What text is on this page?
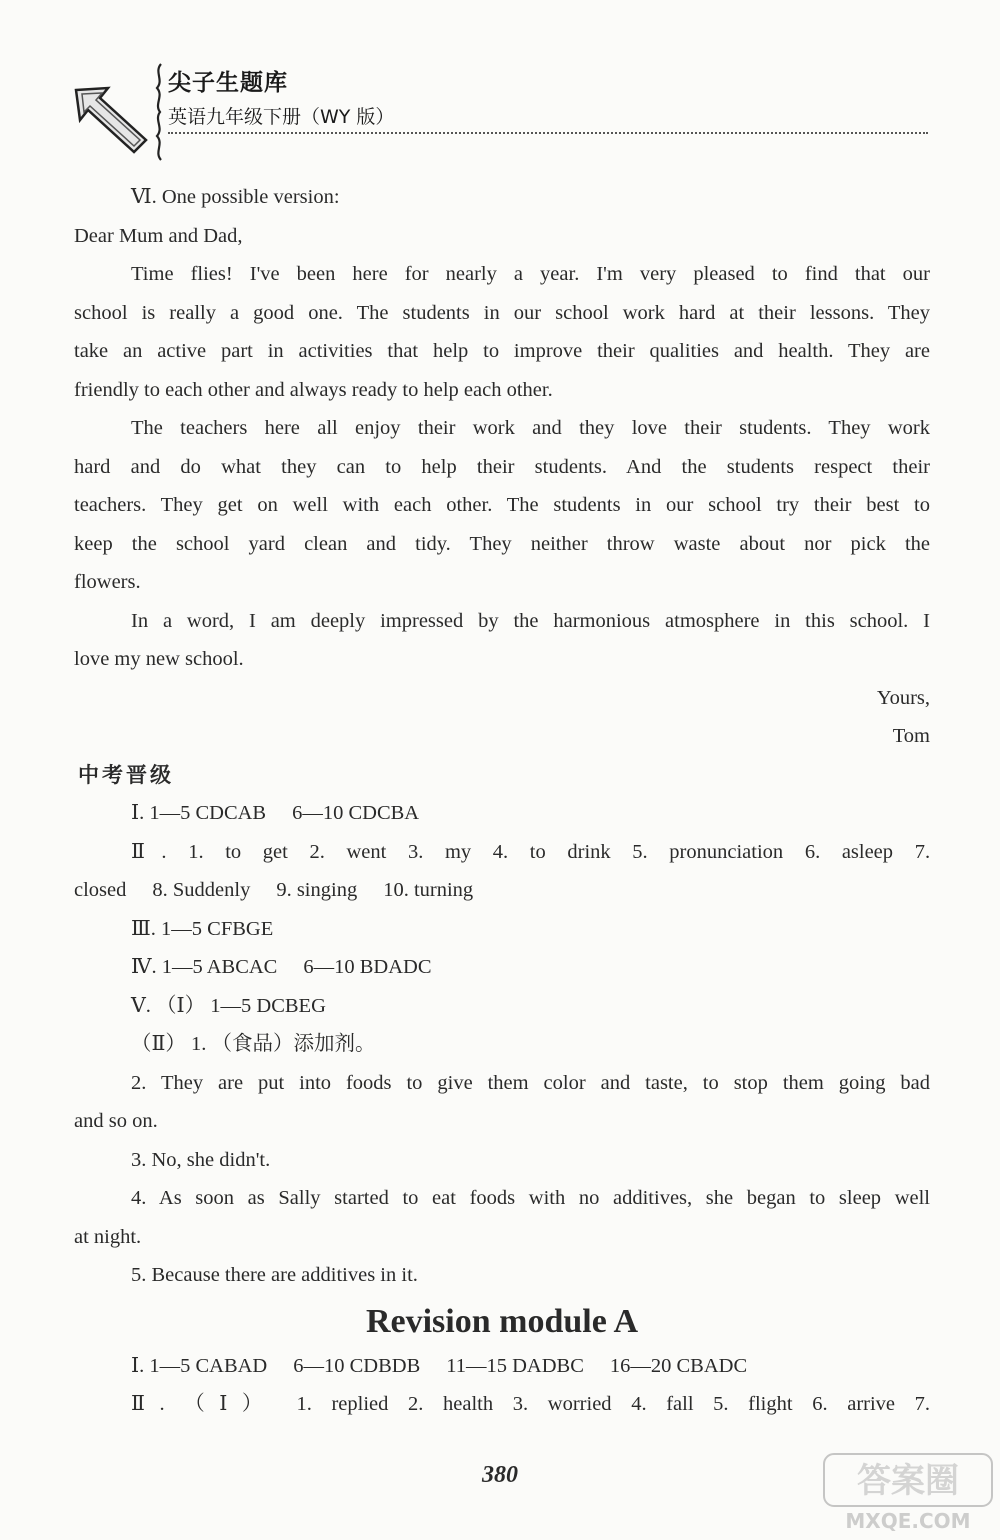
尖子生题库
英语九年级下册（WY 版）
Ⅵ. One possible version:
Dear Mum and Dad,
Time flies! I've been here for nearly a year. I'm very pleased to find that our
school is really a good one. The students in our school work hard at their lessons. They
take an active part in activities that help to improve their qualities and health. They are
friendly to each other and always ready to help each other.
The teachers here all enjoy their work and they love their students. They work
hard and do what they can to help their students. And the students respect their
teachers. They get on well with each other. The students in our school try their best to
keep the school yard clean and tidy. They neither throw waste about nor pick the
flowers.
In a word, I am deeply impressed by the harmonious atmosphere in this school. I
love my new school.
Yours,
Tom
中考晋级
Ⅰ. 1—5 CDCAB 6—10 CDCBA
Ⅱ. 1. to get 2. went 3. my 4. to drink 5. pronunciation 6. asleep 7.
closed 8. Suddenly 9. singing 10. turning
Ⅲ. 1—5 CFBGE
Ⅳ. 1—5 ABCAC 6—10 BDADC
Ⅴ. （Ⅰ） 1—5 DCBEG
（Ⅱ） 1. （食品）添加剂。
2. They are put into foods to give them color and taste, to stop them going bad
and so on.
3. No, she didn't.
4. As soon as Sally started to eat foods with no additives, she began to sleep well
at night.
5. Because there are additives in it.
Revision module A
Ⅰ. 1—5 CABAD 6—10 CDBDB 11—15 DADBC 16—20 CBADC
Ⅱ. （Ⅰ） 1. replied 2. health 3. worried 4. fall 5. flight 6. arrive 7.
380	答案圈
MXQE.COM
